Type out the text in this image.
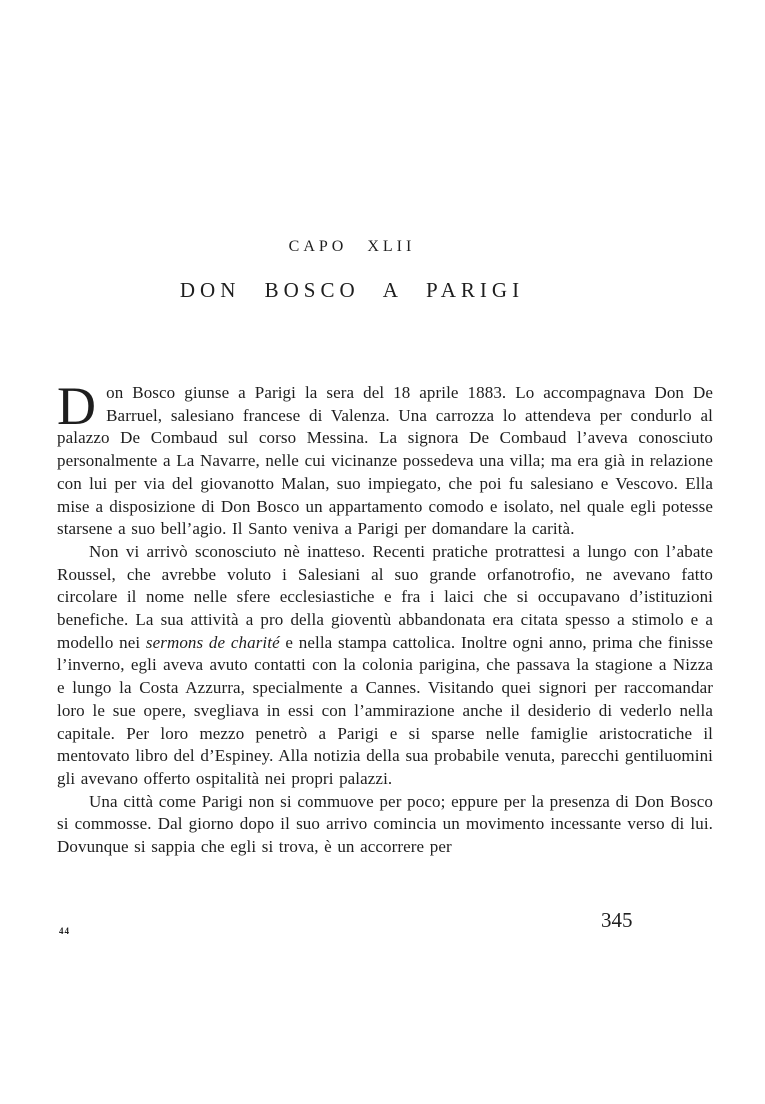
CAPO XLII
DON BOSCO A PARIGI

Don Bosco giunse a Parigi la sera del 18 aprile 1883. Lo accompagnava Don De Barruel, salesiano francese di Valenza. Una carrozza lo attendeva per condurlo al palazzo De Combaud sul corso Messina. La signora De Combaud l’aveva conosciuto personalmente a La Navarre, nelle cui vicinanze possedeva una villa; ma era già in relazione con lui per via del giovanotto Malan, suo impiegato, che poi fu salesiano e Vescovo. Ella mise a disposizione di Don Bosco un appartamento comodo e isolato, nel quale egli potesse starsene a suo bell’agio. Il Santo veniva a Parigi per domandare la carità.

Non vi arrivò sconosciuto nè inatteso. Recenti pratiche protrattesi a lungo con l’abate Roussel, che avrebbe voluto i Salesiani al suo grande orfanotrofio, ne avevano fatto circolare il nome nelle sfere ecclesiastiche e fra i laici che si occupavano d’istituzioni benefiche. La sua attività a pro della gioventù abbandonata era citata spesso a stimolo e a modello nei sermons de charité e nella stampa cattolica. Inoltre ogni anno, prima che finisse l’inverno, egli aveva avuto contatti con la colonia parigina, che passava la stagione a Nizza e lungo la Costa Azzurra, specialmente a Cannes. Visitando quei signori per raccomandar loro le sue opere, svegliava in essi con l’ammirazione anche il desiderio di vederlo nella capitale. Per loro mezzo penetrò a Parigi e si sparse nelle famiglie aristocratiche il mentovato libro del d’Espiney. Alla notizia della sua probabile venuta, parecchi gentiluomini gli avevano offerto ospitalità nei propri palazzi.

Una città come Parigi non si commuove per poco; eppure per la presenza di Don Bosco si commosse. Dal giorno dopo il suo arrivo comincia un movimento incessante verso di lui. Dovunque si sappia che egli si trova, è un accorrere per

44	345
